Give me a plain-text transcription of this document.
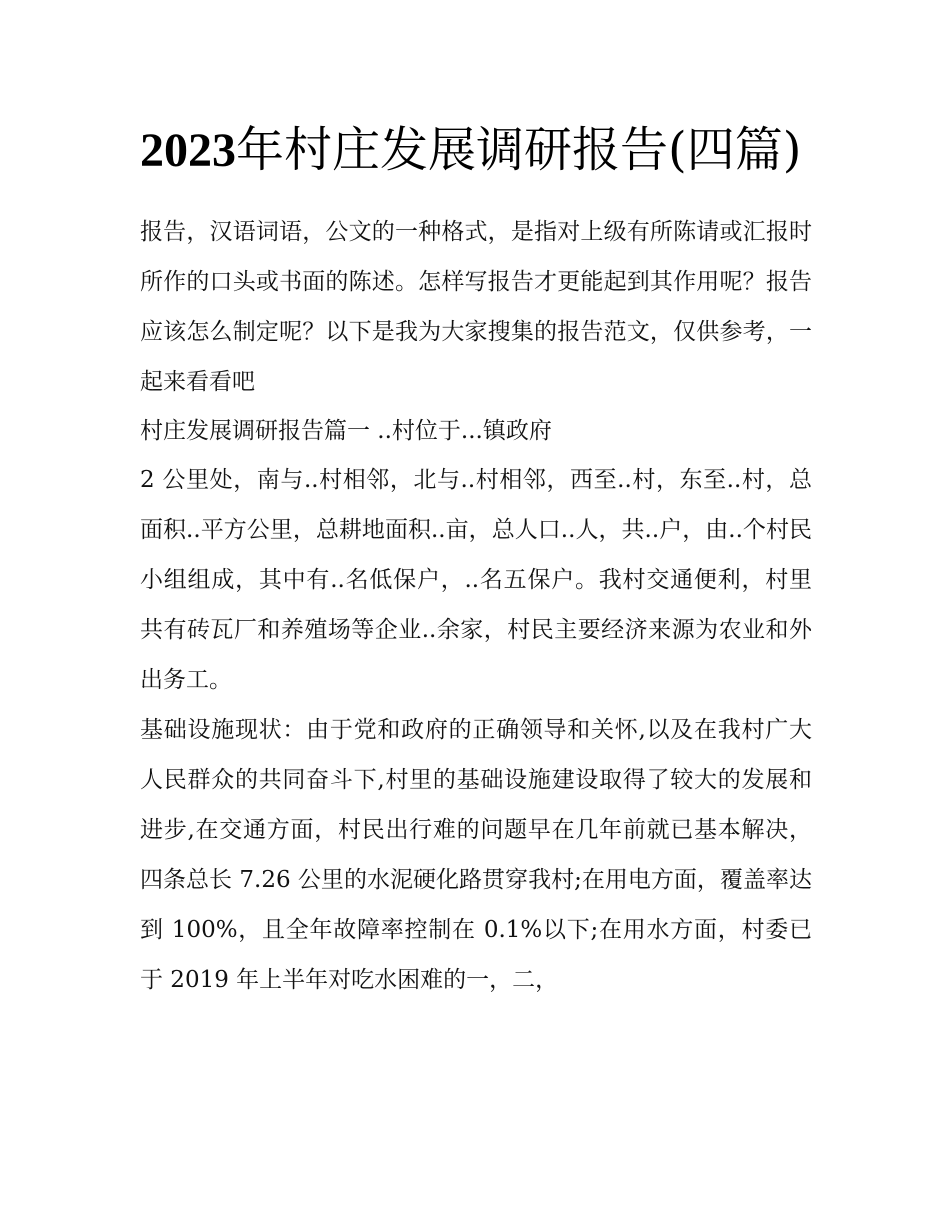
2023年村庄发展调研报告(四篇)

报告，汉语词语，公文的一种格式，是指对上级有所陈请或汇报时所作的口头或书面的陈述。怎样写报告才更能起到其作用呢？报告应该怎么制定呢？以下是我为大家搜集的报告范文，仅供参考，一起来看看吧

村庄发展调研报告篇一 ..村位于...镇政府

2 公里处，南与..村相邻，北与..村相邻，西至..村，东至..村，总面积..平方公里，总耕地面积..亩，总人口..人，共..户，由..个村民小组组成，其中有..名低保户，..名五保户。我村交通便利，村里共有砖瓦厂和养殖场等企业..余家，村民主要经济来源为农业和外出务工。

基础设施现状：由于党和政府的正确领导和关怀,以及在我村广大人民群众的共同奋斗下,村里的基础设施建设取得了较大的发展和进步,在交通方面，村民出行难的问题早在几年前就已基本解决，四条总长 7.26 公里的水泥硬化路贯穿我村;在用电方面，覆盖率达到 100%，且全年故障率控制在 0.1%以下;在用水方面，村委已于 2019 年上半年对吃水困难的一，二，
